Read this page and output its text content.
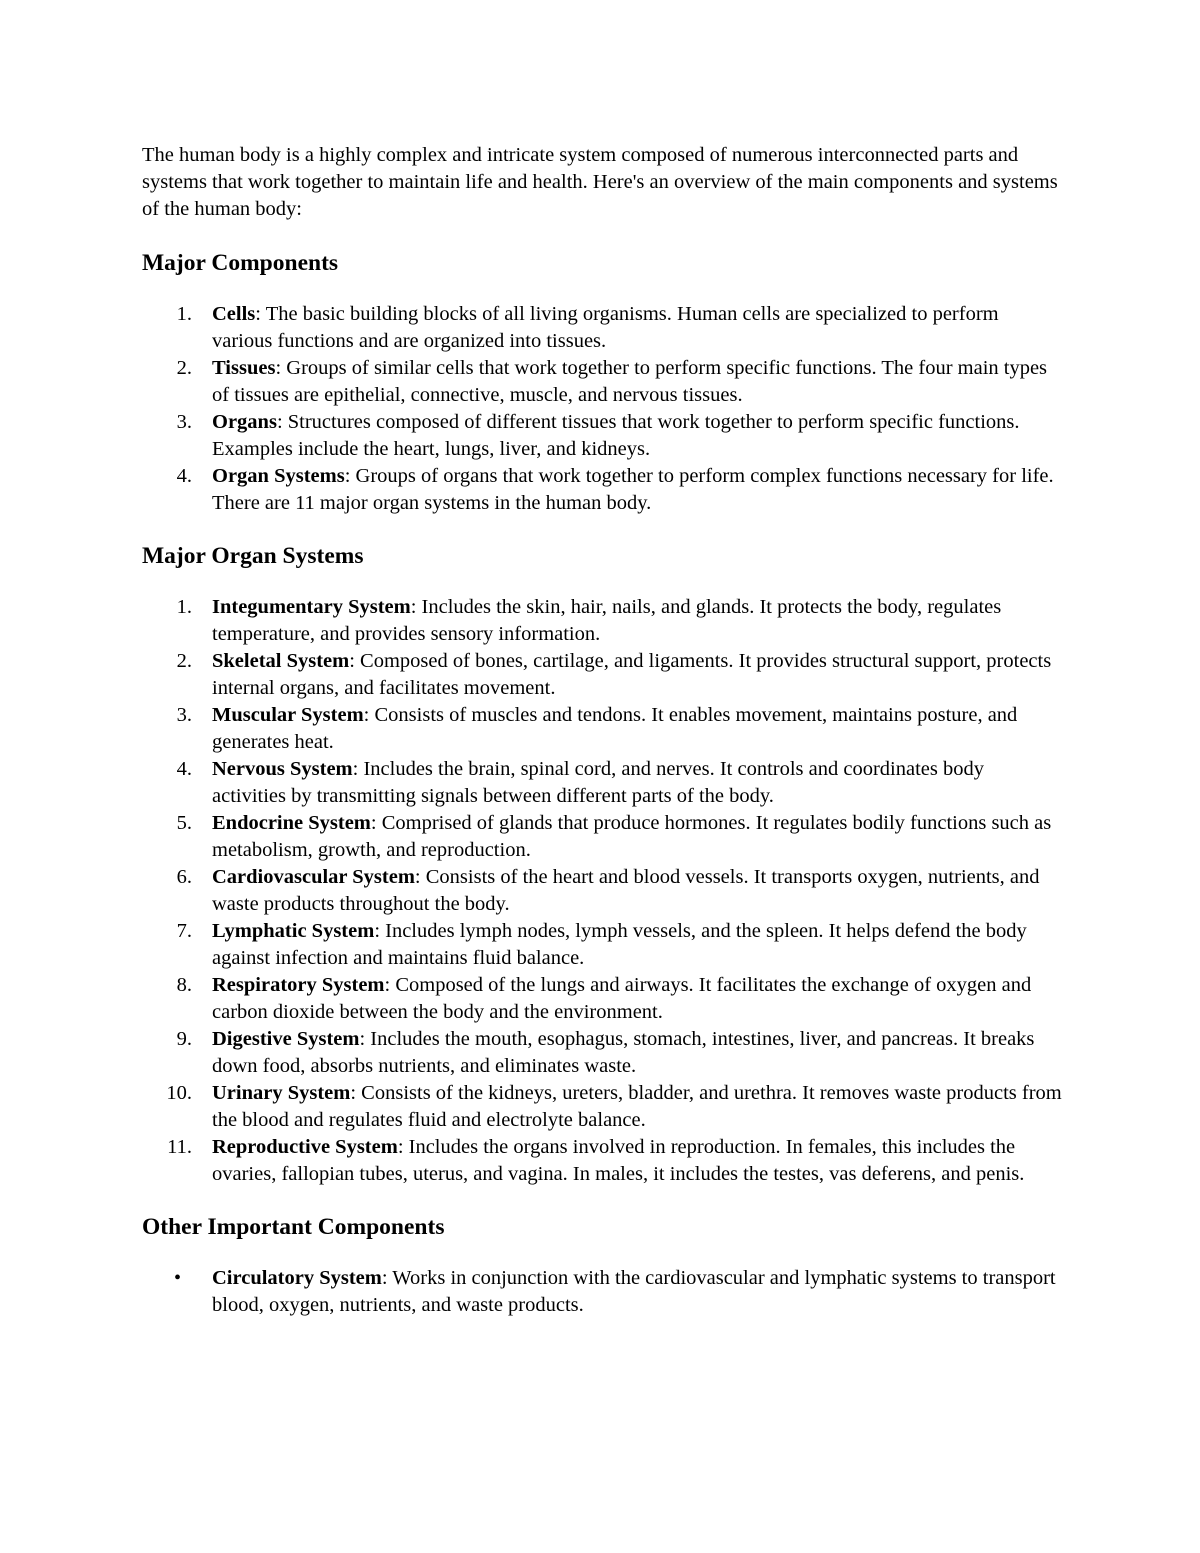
The human body is a highly complex and intricate system composed of numerous interconnected parts and systems that work together to maintain life and health. Here's an overview of the main components and systems of the human body:

Major Components
1. Cells: The basic building blocks of all living organisms. Human cells are specialized to perform various functions and are organized into tissues.
2. Tissues: Groups of similar cells that work together to perform specific functions. The four main types of tissues are epithelial, connective, muscle, and nervous tissues.
3. Organs: Structures composed of different tissues that work together to perform specific functions. Examples include the heart, lungs, liver, and kidneys.
4. Organ Systems: Groups of organs that work together to perform complex functions necessary for life. There are 11 major organ systems in the human body.
Major Organ Systems
1. Integumentary System: Includes the skin, hair, nails, and glands. It protects the body, regulates temperature, and provides sensory information.
2. Skeletal System: Composed of bones, cartilage, and ligaments. It provides structural support, protects internal organs, and facilitates movement.
3. Muscular System: Consists of muscles and tendons. It enables movement, maintains posture, and generates heat.
4. Nervous System: Includes the brain, spinal cord, and nerves. It controls and coordinates body activities by transmitting signals between different parts of the body.
5. Endocrine System: Comprised of glands that produce hormones. It regulates bodily functions such as metabolism, growth, and reproduction.
6. Cardiovascular System: Consists of the heart and blood vessels. It transports oxygen, nutrients, and waste products throughout the body.
7. Lymphatic System: Includes lymph nodes, lymph vessels, and the spleen. It helps defend the body against infection and maintains fluid balance.
8. Respiratory System: Composed of the lungs and airways. It facilitates the exchange of oxygen and carbon dioxide between the body and the environment.
9. Digestive System: Includes the mouth, esophagus, stomach, intestines, liver, and pancreas. It breaks down food, absorbs nutrients, and eliminates waste.
10. Urinary System: Consists of the kidneys, ureters, bladder, and urethra. It removes waste products from the blood and regulates fluid and electrolyte balance.
11. Reproductive System: Includes the organs involved in reproduction. In females, this includes the ovaries, fallopian tubes, uterus, and vagina. In males, it includes the testes, vas deferens, and penis.
Other Important Components
• Circulatory System: Works in conjunction with the cardiovascular and lymphatic systems to transport blood, oxygen, nutrients, and waste products.
